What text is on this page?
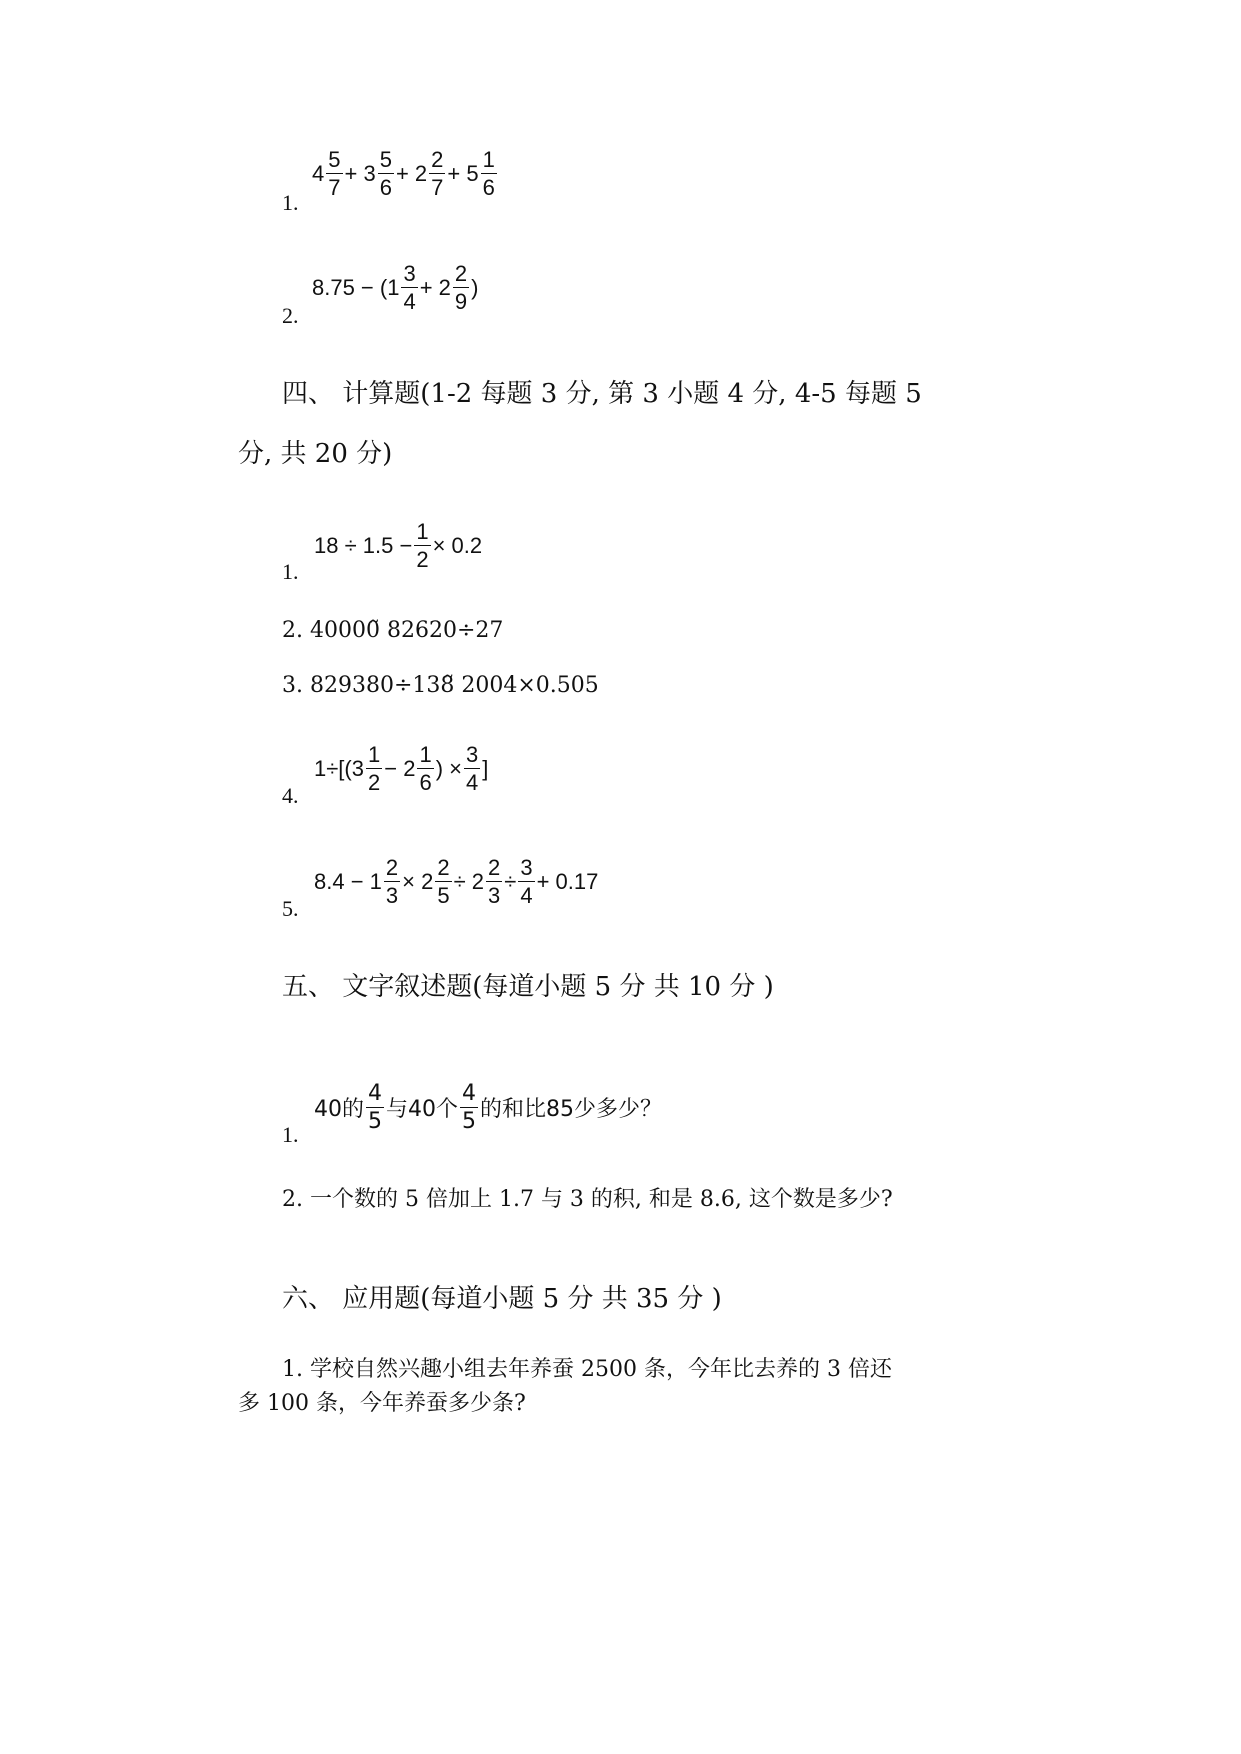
1.
$4 \frac{5}{7} + 3 \frac{5}{6} + 2 \frac{2}{7} + 5 \frac{1}{6}$
2.
$8.75 - (1 \frac{3}{4} + 2 \frac{2}{9}$ )
四、 计算题(1-2 每题 3 分, 第 3 小题 4 分, 4-5 每题 5
分, 共 20 分)
1.
$18 \div 1.5 - \frac{1}{2} \times 0.2$
2. 40000̃ 82620÷27
3. 829380÷138̃ 2004×0.505
4.
$1\div[(3 \frac{1}{2} - 2 \frac{1}{6}$ ) × $\frac{3}{4}$ ]
5.
$8.4 - 1 \frac{2}{3} \times 2 \frac{2}{5} \div 2 \frac{2}{3} \div \frac{3}{4} + 0.17$
五、 文字叙述题(每道小题 5 分 共 10 分 )
1.
40的 $\frac{4}{5}$ 与40个 $\frac{4}{5}$ 的和比85少多少？
2. 一个数的 5 倍加上 1.7 与 3 的积, 和是 8.6, 这个数是多少?
六、 应用题(每道小题 5 分 共 35 分 )
1. 学校自然兴趣小组去年养蚕 2500 条，今年比去养的 3 倍还
多 100 条，今年养蚕多少条?
